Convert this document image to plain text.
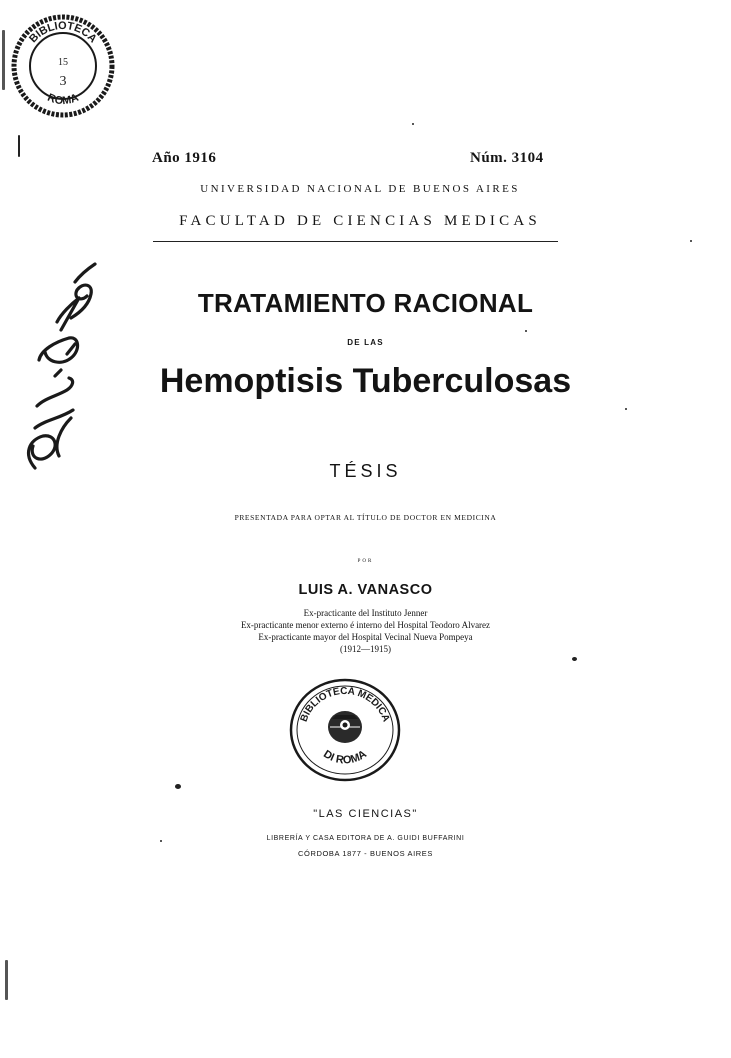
BIBLIOTECA
ROMA
15
3
Año 1916	Núm. 3104
UNIVERSIDAD NACIONAL DE BUENOS AIRES
FACULTAD DE CIENCIAS MEDICAS
TRATAMIENTO RACIONAL
DE LAS
Hemoptisis Tuberculosas
TÉSIS
PRESENTADA PARA OPTAR AL TÍTULO DE DOCTOR EN MEDICINA
POR
LUIS A. VANASCO
Ex-practicante del Instituto Jenner
Ex-practicante menor externo é interno del Hospital Teodoro Alvarez
Ex-practicante mayor del Hospital Vecinal Nueva Pompeya
(1912—1915)
BIBLIOTECA MEDICA
DI ROMA
"LAS CIENCIAS"
LIBRERÍA Y CASA EDITORA DE A. GUIDI BUFFARINI
CÓRDOBA 1877 - BUENOS AIRES
